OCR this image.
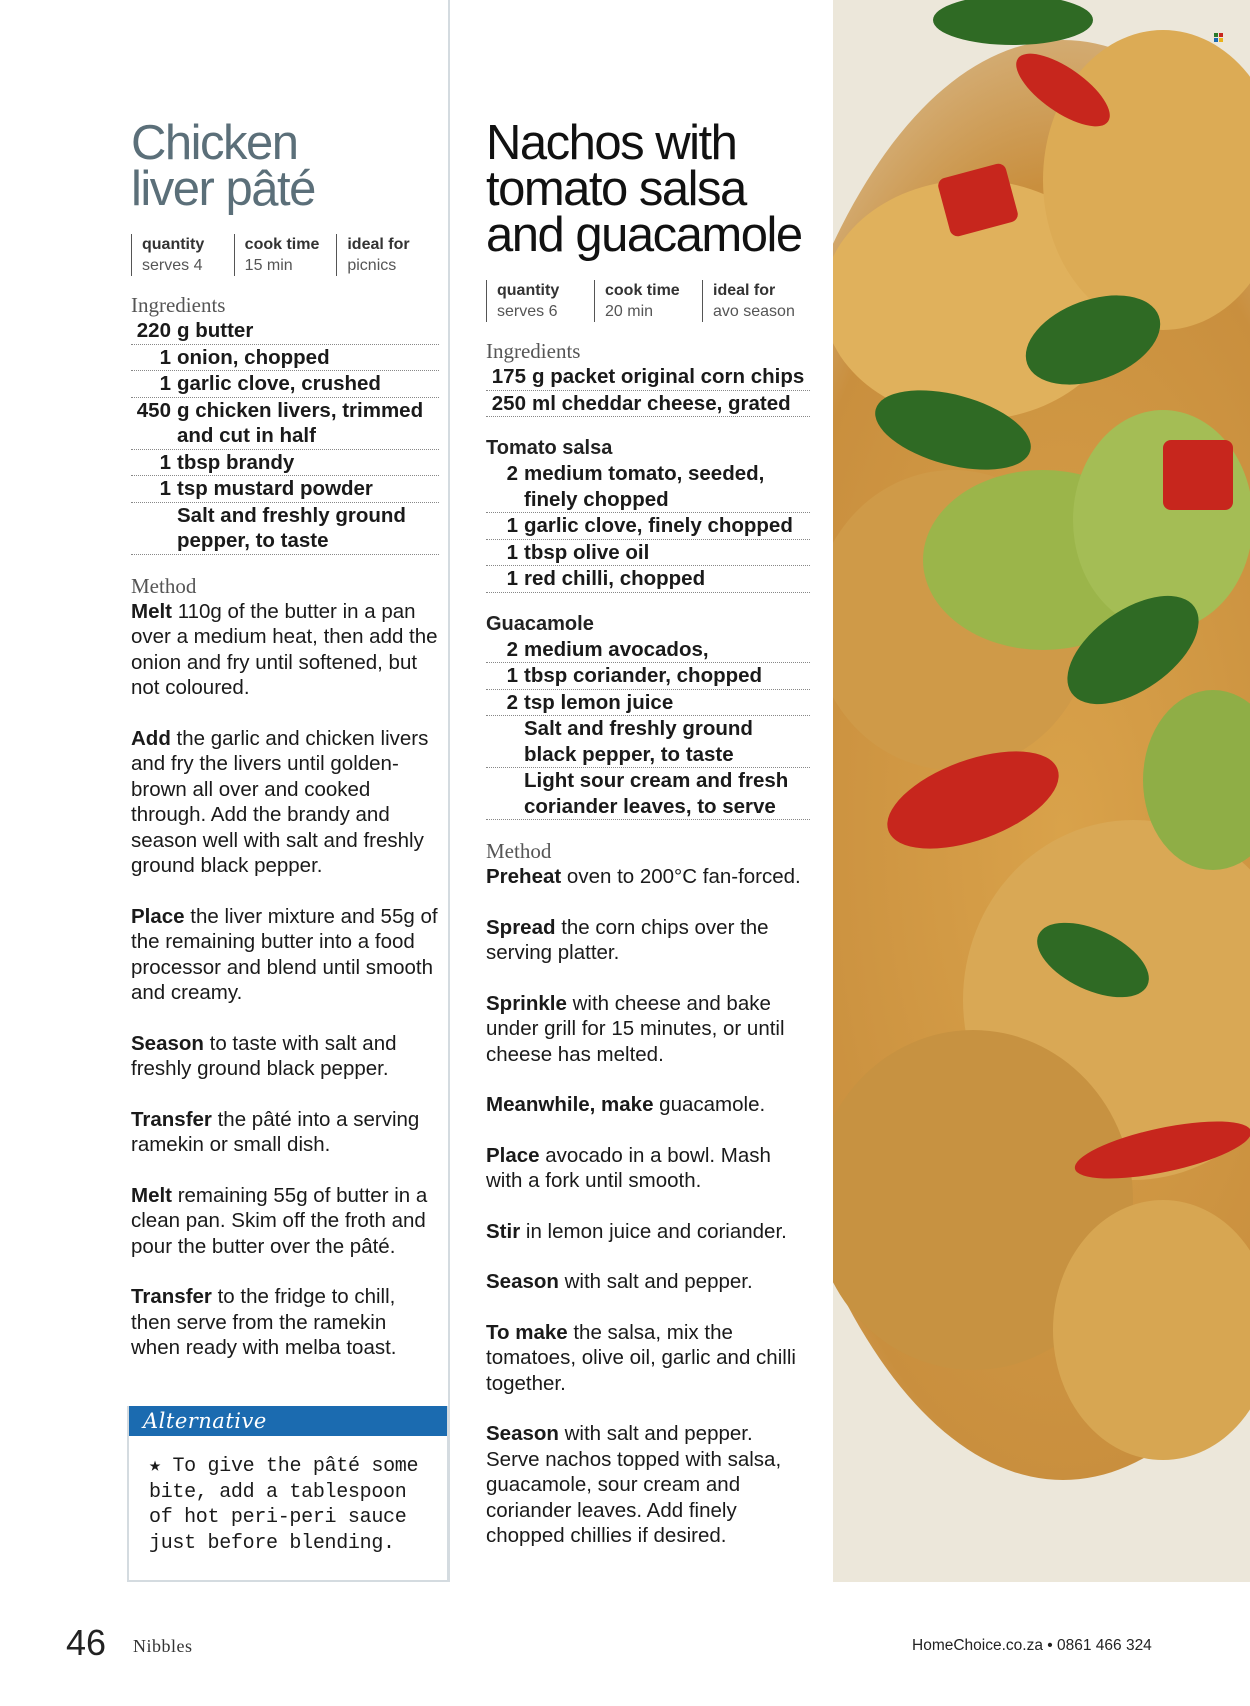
Chicken
liver pâté
quantity
serves 4
cook time
15 min
ideal for
picnics
Ingredients
220 g butter
1 onion, chopped
1 garlic clove, crushed
450 g chicken livers, trimmed and cut in half
1 tbsp brandy
1 tsp mustard powder
Salt and freshly ground pepper, to taste
Method

Melt 110g of the butter in a pan over a medium heat, then add the onion and fry until softened, but not coloured.

Add the garlic and chicken livers and fry the livers until golden-brown all over and cooked through. Add the brandy and season well with salt and freshly ground black pepper.

Place the liver mixture and 55g of the remaining butter into a food processor and blend until smooth and creamy.

Season to taste with salt and freshly ground black pepper.

Transfer the pâté into a serving ramekin or small dish.

Melt remaining 55g of butter in a clean pan. Skim off the froth and pour the butter over the pâté.

Transfer to the fridge to chill, then serve from the ramekin when ready with melba toast.

Alternative
★ To give the pâté some bite, add a tablespoon of hot peri-peri sauce just before blending.
Nachos with
tomato salsa
and guacamole
quantity
serves 6
cook time
20 min
ideal for
avo season
Ingredients
175 g packet original corn chips
250 ml cheddar cheese, grated
Tomato salsa
2 medium tomato, seeded, finely chopped
1 garlic clove, finely chopped
1 tbsp olive oil
1 red chilli, chopped
Guacamole
2 medium avocados,
1 tbsp coriander, chopped
2 tsp lemon juice
Salt and freshly ground black pepper, to taste
Light sour cream and fresh coriander leaves, to serve
Method

Preheat oven to 200°C fan-forced.

Spread the corn chips over the serving platter.

Sprinkle with cheese and bake under grill for 15 minutes, or until cheese has melted.

Meanwhile, make guacamole.

Place avocado in a bowl. Mash with a fork until smooth.

Stir in lemon juice and coriander.

Season with salt and pepper.

To make the salsa, mix the tomatoes, olive oil, garlic and chilli together.

Season with salt and pepper. Serve nachos topped with salsa, guacamole, sour cream and coriander leaves. Add finely chopped chillies if desired.

46 Nibbles	HomeChoice.co.za • 0861 466 324
